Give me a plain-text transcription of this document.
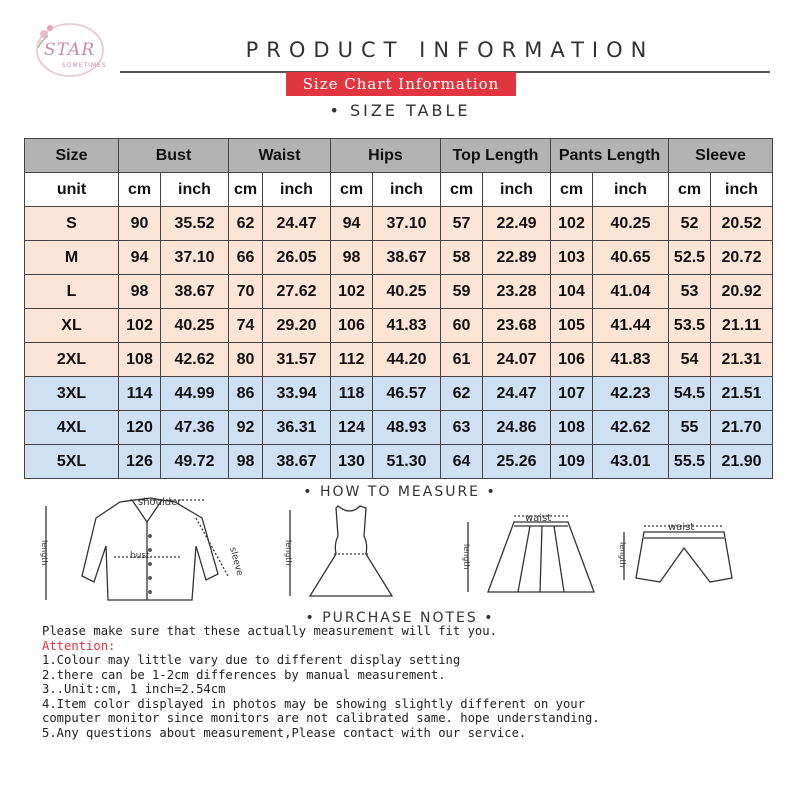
STAR
SOMETIMES
PRODUCT INFORMATION
Size Chart Information
• SIZE TABLE
Size	Bust		Waist		Hips		Top Length		Pants Length		Sleeve	
unit	cm	inch	cm	inch	cm	inch	cm	inch	cm	inch	cm	inch
S	90	35.52	62	24.47	94	37.10	57	22.49	102	40.25	52	20.52
M	94	37.10	66	26.05	98	38.67	58	22.89	103	40.65	52.5	20.72
L	98	38.67	70	27.62	102	40.25	59	23.28	104	41.04	53	20.92
XL	102	40.25	74	29.20	106	41.83	60	23.68	105	41.44	53.5	21.11
2XL	108	42.62	80	31.57	112	44.20	61	24.07	106	41.83	54	21.31
3XL	114	44.99	86	33.94	118	46.57	62	24.47	107	42.23	54.5	21.51
4XL	120	47.36	92	36.31	124	48.93	63	24.86	108	42.62	55	21.70
5XL	126	49.72	98	38.67	130	51.30	64	25.26	109	43.01	55.5	21.90
• HOW TO MEASURE •
shoulder
bust
length	sleeve	length
waist
length
waist
length
• PURCHASE NOTES •
Please make sure that these actually measurement will fit you.
Attention:
1.Colour may little vary due to different display setting
2.there can be 1-2cm differences by manual measurement.
3..Unit:cm, 1 inch=2.54cm
4.Item color displayed in photos may be showing slightly different on your
computer monitor since monitors are not calibrated same. hope understanding.
5.Any questions about measurement,Please contact with our service.
